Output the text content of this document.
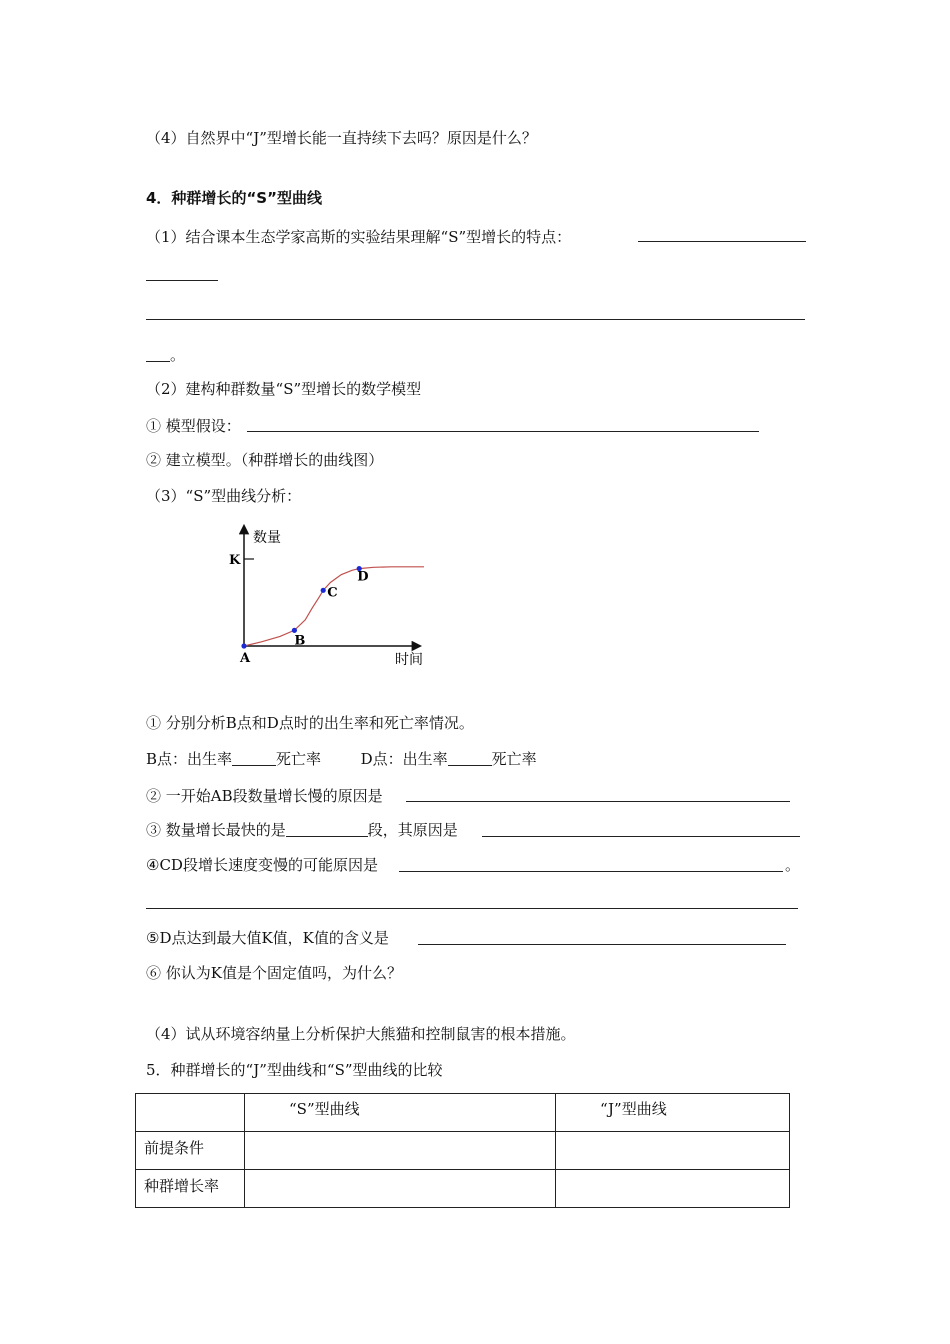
（4）自然界中“J”型增长能一直持续下去吗？原因是什么？
4．种群增长的“S”型曲线
（1）结合课本生态学家高斯的实验结果理解“S”型增长的特点：
。
（2）建构种群数量“S”型增长的数学模型
① 模型假设：
② 建立模型。（种群增长的曲线图）
（3）“S”型曲线分析：
数量
K
时间
A
B
C
D
① 分别分析B点和D点时的出生率和死亡率情况。
B点：出生率	死亡率	D点：出生率	死亡率
② 一开始AB段数量增长慢的原因是
③ 数量增长最快的是	段，其原因是
④CD段增长速度变慢的可能原因是	。
⑤D点达到最大值K值，K值的含义是
⑥ 你认为K值是个固定值吗，为什么？
（4）试从环境容纳量上分析保护大熊猫和控制鼠害的根本措施。
5．种群增长的“J”型曲线和“S”型曲线的比较
	“S”型曲线	“J”型曲线
前提条件		
种群增长率		
